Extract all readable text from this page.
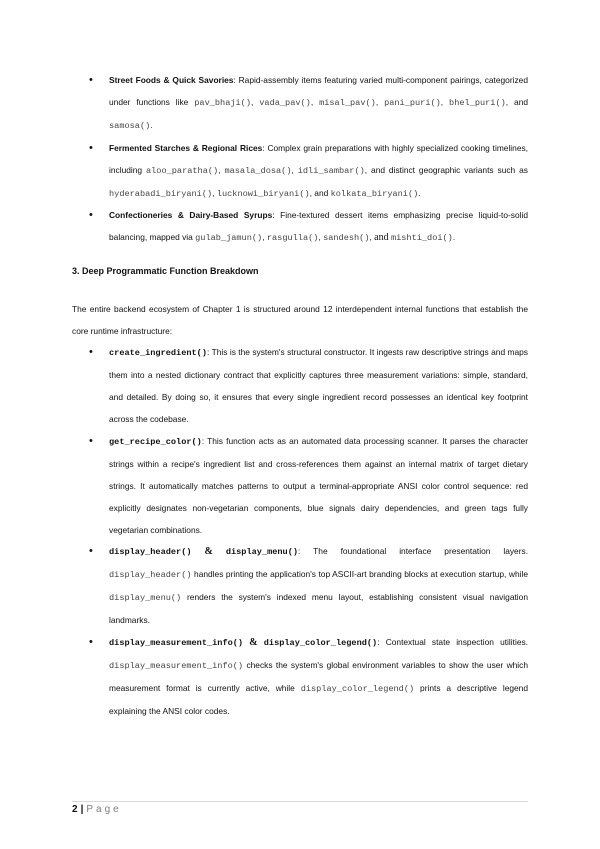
• Street Foods & Quick Savories: Rapid-assembly items featuring varied multi-component pairings, categorized under functions like pav_bhaji(), vada_pav(), misal_pav(), pani_puri(), bhel_puri(), and samosa().
• Fermented Starches & Regional Rices: Complex grain preparations with highly specialized cooking timelines, including aloo_paratha(), masala_dosa(), idli_sambar(), and distinct geographic variants such as hyderabadi_biryani(), lucknowi_biryani(), and kolkata_biryani().
• Confectioneries & Dairy-Based Syrups: Fine-textured dessert items emphasizing precise liquid-to-solid balancing, mapped via gulab_jamun(), rasgulla(), sandesh(), and mishti_doi().
3. Deep Programmatic Function Breakdown
The entire backend ecosystem of Chapter 1 is structured around 12 interdependent internal functions that establish the core runtime infrastructure:
• create_ingredient(): This is the system's structural constructor. It ingests raw descriptive strings and maps them into a nested dictionary contract that explicitly captures three measurement variations: simple, standard, and detailed. By doing so, it ensures that every single ingredient record possesses an identical key footprint across the codebase.
• get_recipe_color(): This function acts as an automated data processing scanner. It parses the character strings within a recipe's ingredient list and cross-references them against an internal matrix of target dietary strings. It automatically matches patterns to output a terminal-appropriate ANSI color control sequence: red explicitly designates non-vegetarian components, blue signals dairy dependencies, and green tags fully vegetarian combinations.
• display_header() & display_menu(): The foundational interface presentation layers. display_header() handles printing the application's top ASCII-art branding blocks at execution startup, while display_menu() renders the system's indexed menu layout, establishing consistent visual navigation landmarks.
• display_measurement_info() & display_color_legend(): Contextual state inspection utilities. display_measurement_info() checks the system's global environment variables to show the user which measurement format is currently active, while display_color_legend() prints a descriptive legend explaining the ANSI color codes.
2 | Page
